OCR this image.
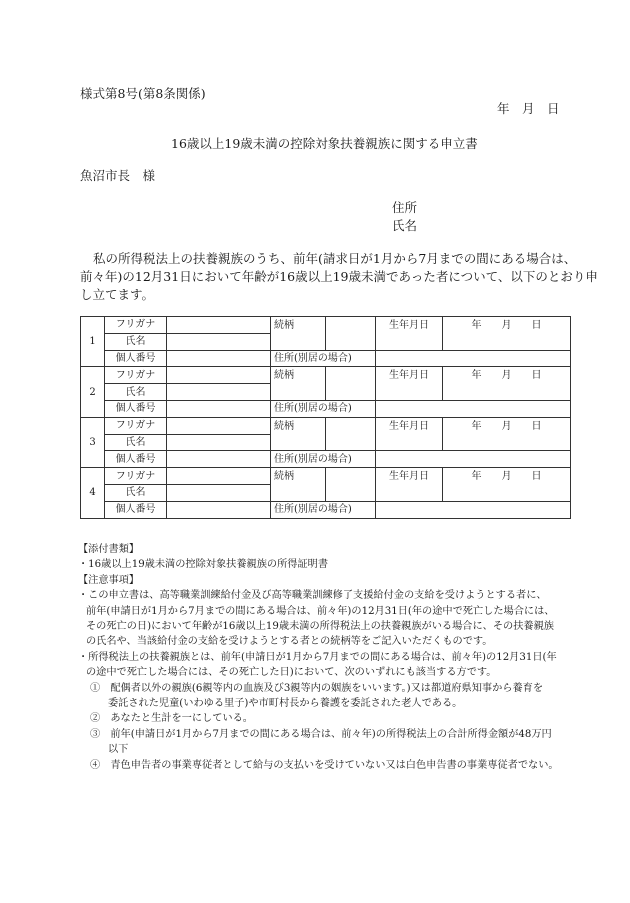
様式第8号(第8条関係)
年　月　日
16歳以上19歳未満の控除対象扶養親族に関する申立書
魚沼市長　様
住所
氏名

私の所得税法上の扶養親族のうち、前年(請求日が1月から7月までの間にある場合は、

前々年)の12月31日において年齢が16歳以上19歳未満であった者について、以下のとおり申

し立てます。

1	フリガナ		続柄		生年月日	年　　月　　日
	氏名					
	個人番号		住所(別居の場合)			
2	フリガナ		続柄		生年月日	年　　月　　日
	氏名					
	個人番号		住所(別居の場合)			
3	フリガナ		続柄		生年月日	年　　月　　日
	氏名					
	個人番号		住所(別居の場合)			
4	フリガナ		続柄		生年月日	年　　月　　日
	氏名					
	個人番号		住所(別居の場合)			
【添付書類】
・16歳以上19歳未満の控除対象扶養親族の所得証明書
【注意事項】
・この申立書は、高等職業訓練給付金及び高等職業訓練修了支援給付金の支給を受けようとする者に、
前年(申請日が1月から7月までの間にある場合は、前々年)の12月31日(年の途中で死亡した場合には、
その死亡の日)において年齢が16歳以上19歳未満の所得税法上の扶養親族がいる場合に、その扶養親族
の氏名や、当該給付金の支給を受けようとする者との続柄等をご記入いただくものです。
・所得税法上の扶養親族とは、前年(申請日が1月から7月までの間にある場合は、前々年)の12月31日(年
の途中で死亡した場合には、その死亡した日)において、次のいずれにも該当する方です。
①　配偶者以外の親族(6親等内の血族及び3親等内の姻族をいいます。)又は都道府県知事から養育を
委託された児童(いわゆる里子)や市町村長から養護を委託された老人である。
②　あなたと生計を一にしている。
③　前年(申請日が1月から7月までの間にある場合は、前々年)の所得税法上の合計所得金額が48万円
以下
④　青色申告者の事業専従者として給与の支払いを受けていない又は白色申告書の事業専従者でない。
